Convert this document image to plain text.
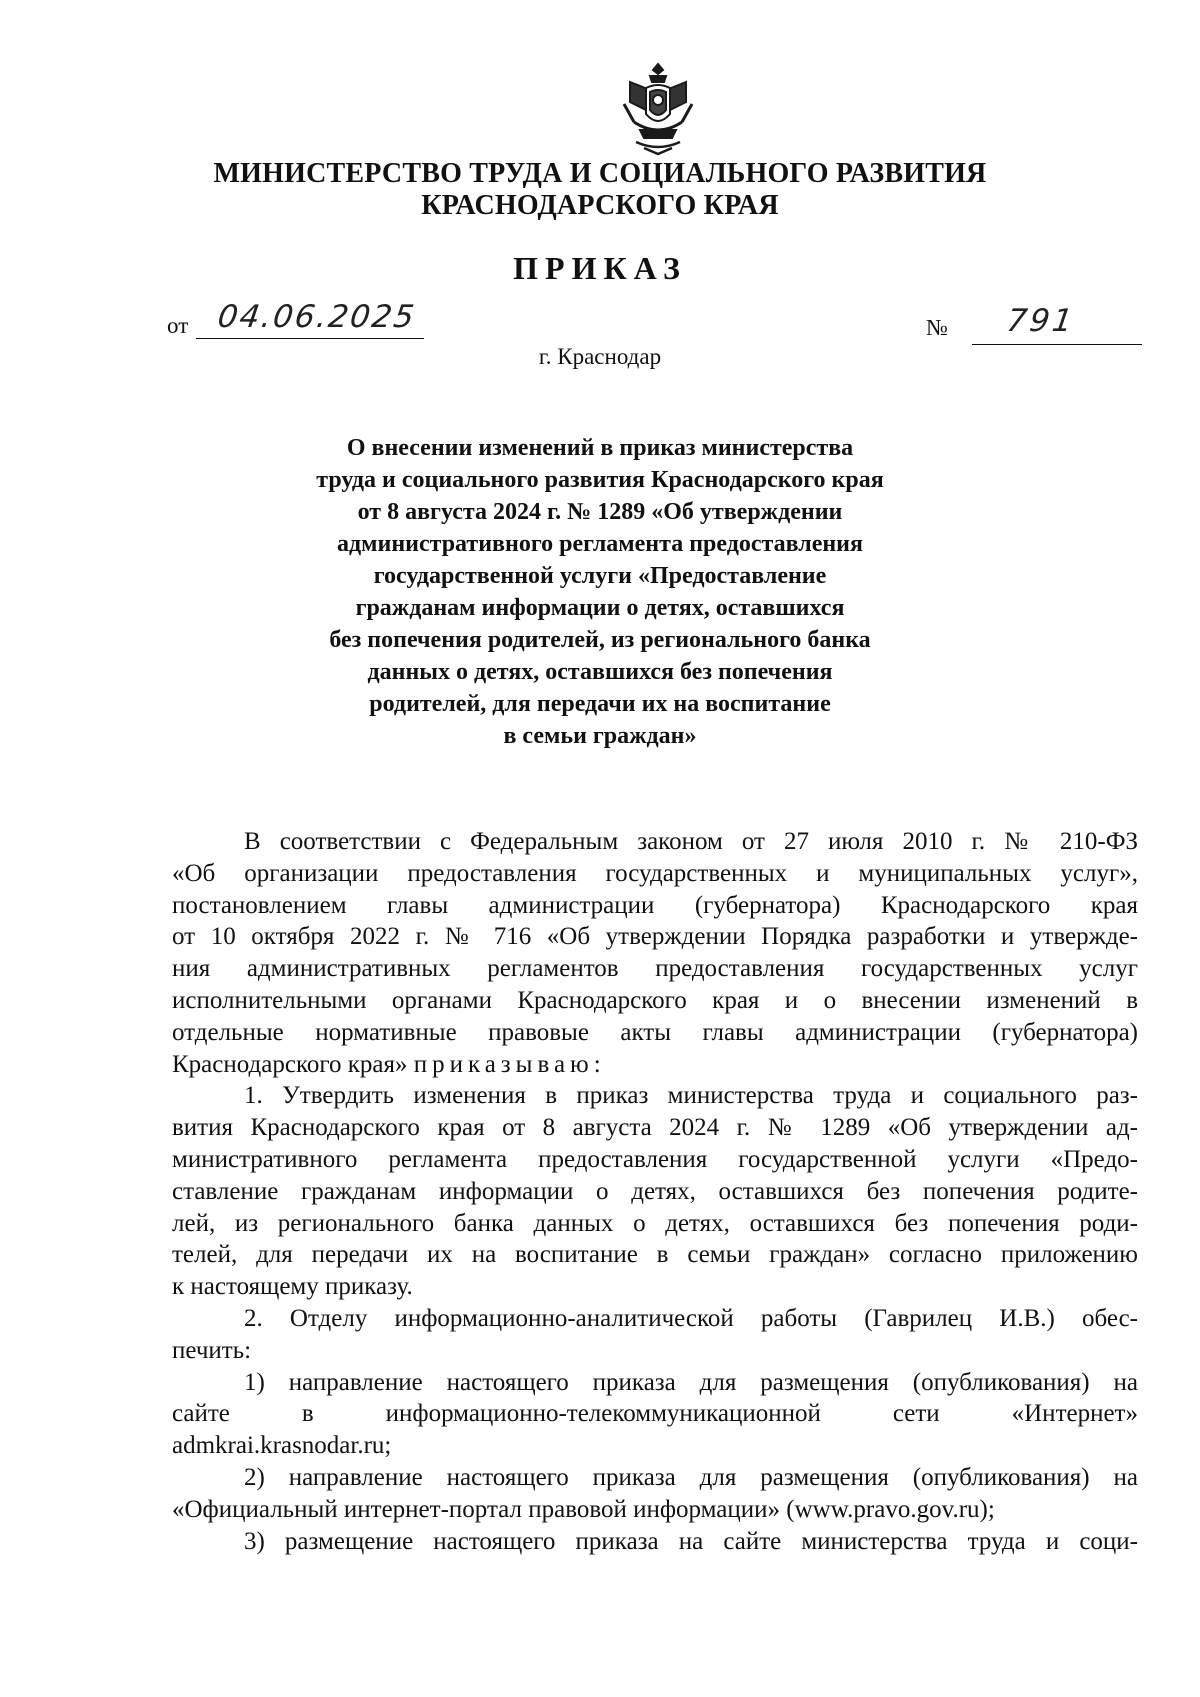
МИНИСТЕРСТВО ТРУДА И СОЦИАЛЬНОГО РАЗВИТИЯ
КРАСНОДАРСКОГО КРАЯ
ПРИКАЗ
от 04.06.2025	№ 791
г. Краснодар
О внесении изменений в приказ министерства
труда и социального развития Краснодарского края
от 8 августа 2024 г. № 1289 «Об утверждении
административного регламента предоставления
государственной услуги «Предоставление
гражданам информации о детях, оставшихся
без попечения родителей, из регионального банка
данных о детях, оставшихся без попечения
родителей, для передачи их на воспитание
в семьи граждан»
В соответствии с Федеральным законом от 27 июля 2010 г. № 210-ФЗ
«Об организации предоставления государственных и муниципальных услуг»,
постановлением главы администрации (губернатора) Краснодарского края
от 10 октября 2022 г. № 716 «Об утверждении Порядка разработки и утвержде-
ния административных регламентов предоставления государственных услуг
исполнительными органами Краснодарского края и о внесении изменений в
отдельные нормативные правовые акты главы администрации (губернатора)
Краснодарского края» приказываю:
1. Утвердить изменения в приказ министерства труда и социального раз-
вития Краснодарского края от 8 августа 2024 г. № 1289 «Об утверждении ад-
министративного регламента предоставления государственной услуги «Предо-
ставление гражданам информации о детях, оставшихся без попечения родите-
лей, из регионального банка данных о детях, оставшихся без попечения роди-
телей, для передачи их на воспитание в семьи граждан» согласно приложению
к настоящему приказу.
2. Отделу информационно-аналитической работы (Гаврилец И.В.) обес-
печить:
1) направление настоящего приказа для размещения (опубликования) на
сайте в информационно-телекоммуникационной сети «Интернет»
admkrai.krasnodar.ru;
2) направление настоящего приказа для размещения (опубликования) на
«Официальный интернет-портал правовой информации» (www.pravo.gov.ru);
3) размещение настоящего приказа на сайте министерства труда и соци-
